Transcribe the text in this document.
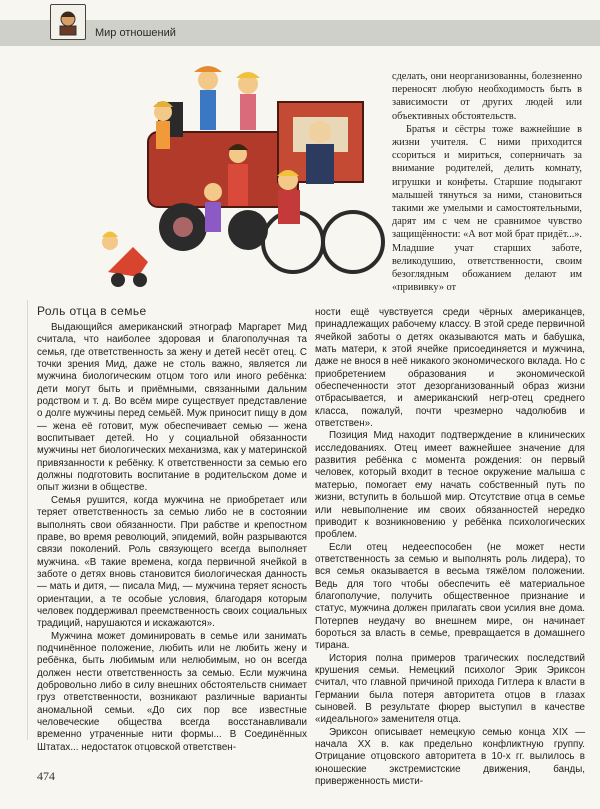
Мир отношений

сделать, они неорганизованны, болезненно переносят любую необходимость быть в зависимости от других людей или объективных обстоятельств.

Братья и сёстры тоже важнейшие в жизни учителя. С ними приходится ссориться и мириться, соперничать за внимание родителей, делить комнату, игрушки и конфеты. Старшие подыгают малышей тянуться за ними, становиться такими же умелыми и самостоятельными, дарят им с чем не сравнимое чувство защищённости: «А вот мой брат придёт...». Младшие учат старших заботе, великодушию, ответственности, своим безоглядным обожанием делают им «прививку» от

Роль отца в семье

Выдающийся американский этнограф Маргарет Мид считала, что наиболее здоровая и благополучная та семья, где ответственность за жену и детей несёт отец. С точки зрения Мид, даже не столь важно, является ли мужчина биологическим отцом того или иного ребёнка: дети могут быть и приёмными, связанными дальним родством и т. д. Во всём мире существует представление о долге мужчины перед семьёй. Муж приносит пищу в дом — жена её готовит, муж обеспечивает семью — жена воспитывает детей. Но у социальной обязанности мужчины нет биологических механизма, как у материнской привязанности к ребёнку. К ответственности за семью его должны подготовить воспитание в родительском доме и опыт жизни в обществе.

Семья рушится, когда мужчина не приобретает или теряет ответственность за семью либо не в состоянии выполнять свои обязанности. При рабстве и крепостном праве, во время революций, эпидемий, войн разрываются связи поколений. Роль связующего всегда выполняет мужчина. «В такие времена, когда первичной ячейкой в заботе о детях вновь становится биологическая данность — мать и дитя, — писала Мид, — мужчина теряет ясность ориентации, а те особые условия, благодаря которым человек поддерживал преемственность своих социальных традиций, нарушаются и искажаются».

Мужчина может доминировать в семье или занимать подчинённое положение, любить или не любить жену и ребёнка, быть любимым или нелюбимым, но он всегда должен нести ответственность за семью. Если мужчина добровольно либо в силу внешних обстоятельств снимает груз ответственности, возникают различные варианты аномальной семьи. «До сих пор все известные человеческие общества всегда восстанавливали временно утраченные нити формы... В Соединённых Штатах... недостаток отцовской ответствен-

ности ещё чувствуется среди чёрных американцев, принадлежащих рабочему классу. В этой среде первичной ячейкой заботы о детях оказываются мать и бабушка, мать матери, к этой ячейке присоединяется и мужчина, даже не внося в неё никакого экономического вклада. Но с приобретением образования и экономической обеспеченности этот дезорганизованный образ жизни отбрасывается, и американский негр-отец среднего класса, пожалуй, почти чрезмерно чадолюбив и ответствен».

Позиция Мид находит подтверждение в клинических исследованиях. Отец имеет важнейшее значение для развития ребёнка с момента рождения: он первый человек, который входит в тесное окружение малыша с матерью, помогает ему начать собственный путь по жизни, вступить в большой мир. Отсутствие отца в семье или невыполнение им своих обязанностей нередко приводит к возникновению у ребёнка психологических проблем.

Если отец недееспособен (не может нести ответственность за семью и выполнять роль лидера), то вся семья оказывается в весьма тяжёлом положении. Ведь для того чтобы обеспечить её материальное благополучие, получить общественное признание и статус, мужчина должен прилагать свои усилия вне дома. Потерпев неудачу во внешнем мире, он начинает бороться за власть в семье, превращается в домашнего тирана.

История полна примеров трагических последствий крушения семьи. Немецкий психолог Эрик Эриксон считал, что главной причиной прихода Гитлера к власти в Германии была потеря авторитета отцов в глазах сыновей. В результате фюрер выступил в качестве «идеального» заменителя отца.

Эриксон описывает немецкую семью конца XIX — начала XX в. как предельно конфликтную группу. Отрицание отцовского авторитета в 10-х гг. вылилось в юношеские экстремистские движения, банды, приверженность мисти-

474
